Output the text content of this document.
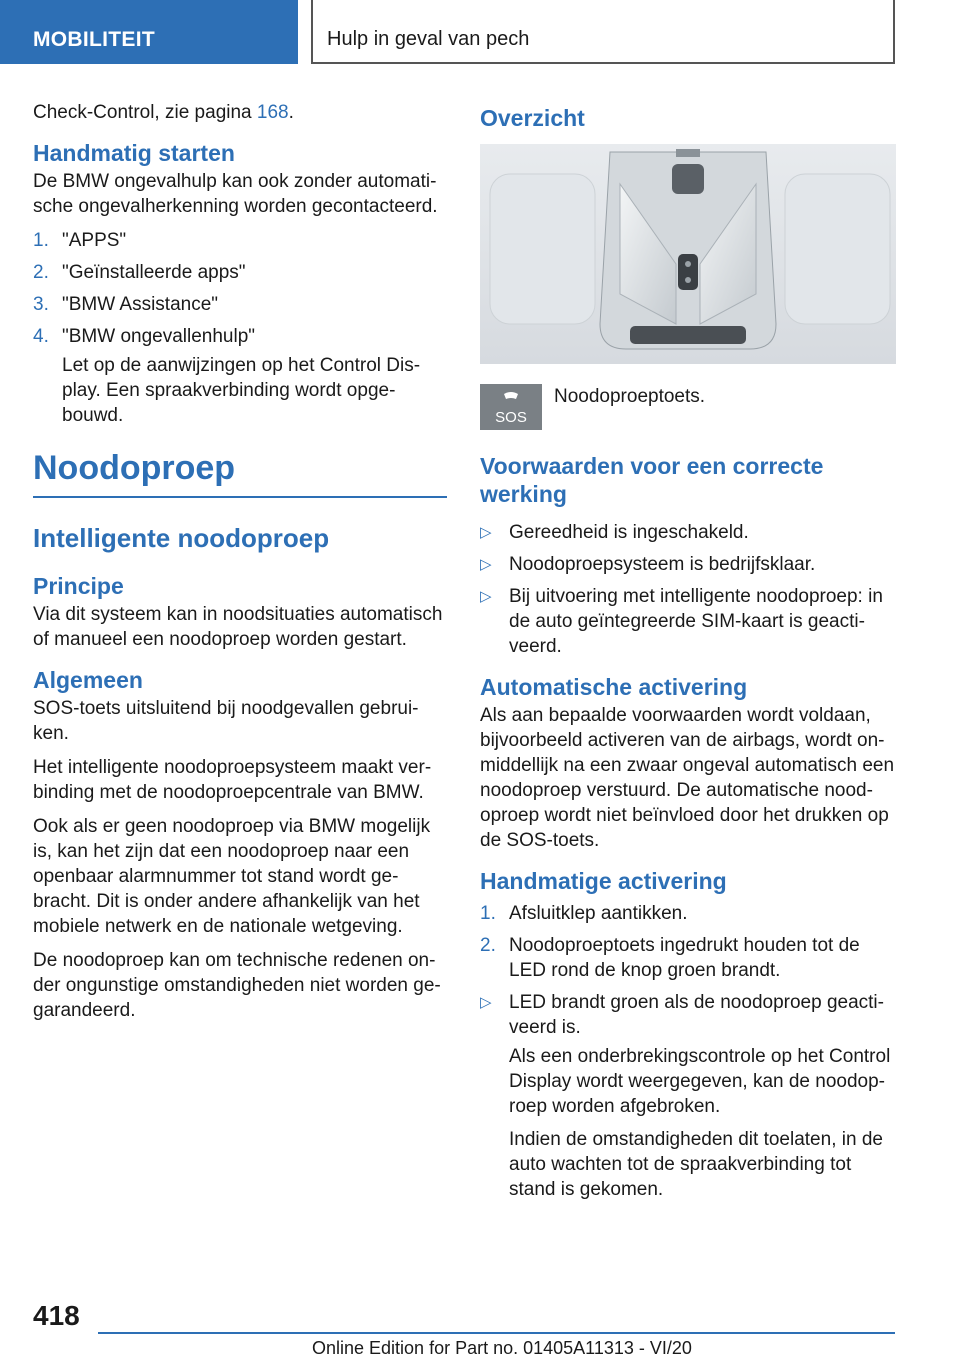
MOBILITEIT	Hulp in geval van pech

Check-Control, zie pagina 168.

Handmatig starten

De BMW ongevalhulp kan ook zonder automati-sche ongevalherkenning worden gecontacteerd.

1. "APPS"
2. "Geïnstalleerde apps"
3. "BMW Assistance"
4. "BMW ongevallenhulp"
Let op de aanwijzingen op het Control Dis-play. Een spraakverbinding wordt opge-bouwd.
Noodoproep
Intelligente noodoproep
Principe

Via dit systeem kan in noodsituaties automatisch of manueel een noodoproep worden gestart.

Algemeen

SOS-toets uitsluitend bij noodgevallen gebrui-ken.

Het intelligente noodoproepsysteem maakt ver-binding met de noodoproepcentrale van BMW.

Ook als er geen noodoproep via BMW mogelijk is, kan het zijn dat een noodoproep naar een openbaar alarmnummer tot stand wordt ge-bracht. Dit is onder andere afhankelijk van het mobiele netwerk en de nationale wetgeving.

De noodoproep kan om technische redenen on-der ongunstige omstandigheden niet worden ge-garandeerd.

Overzicht
SOS
Noodoproeptoets.
Voorwaarden voor een correcte werking
▷ Gereedheid is ingeschakeld.
▷ Noodoproepsysteem is bedrijfsklaar.
▷ Bij uitvoering met intelligente noodoproep: in de auto geïntegreerde SIM-kaart is geacti-veerd.
Automatische activering

Als aan bepaalde voorwaarden wordt voldaan, bijvoorbeeld activeren van de airbags, wordt on-middellijk na een zwaar ongeval automatisch een noodoproep verstuurd. De automatische nood-oproep wordt niet beïnvloed door het drukken op de SOS-toets.

Handmatige activering
1. Afsluitklep aantikken.
2. Noodoproeptoets ingedrukt houden tot de LED rond de knop groen brandt.
▷ LED brandt groen als de noodoproep geacti-veerd is.
Als een onderbrekingscontrole op het Control Display wordt weergegeven, kan de noodop-roep worden afgebroken.
Indien de omstandigheden dit toelaten, in de auto wachten tot de spraakverbinding tot stand is gekomen.
418
Online Edition for Part no. 01405A11313 - VI/20
